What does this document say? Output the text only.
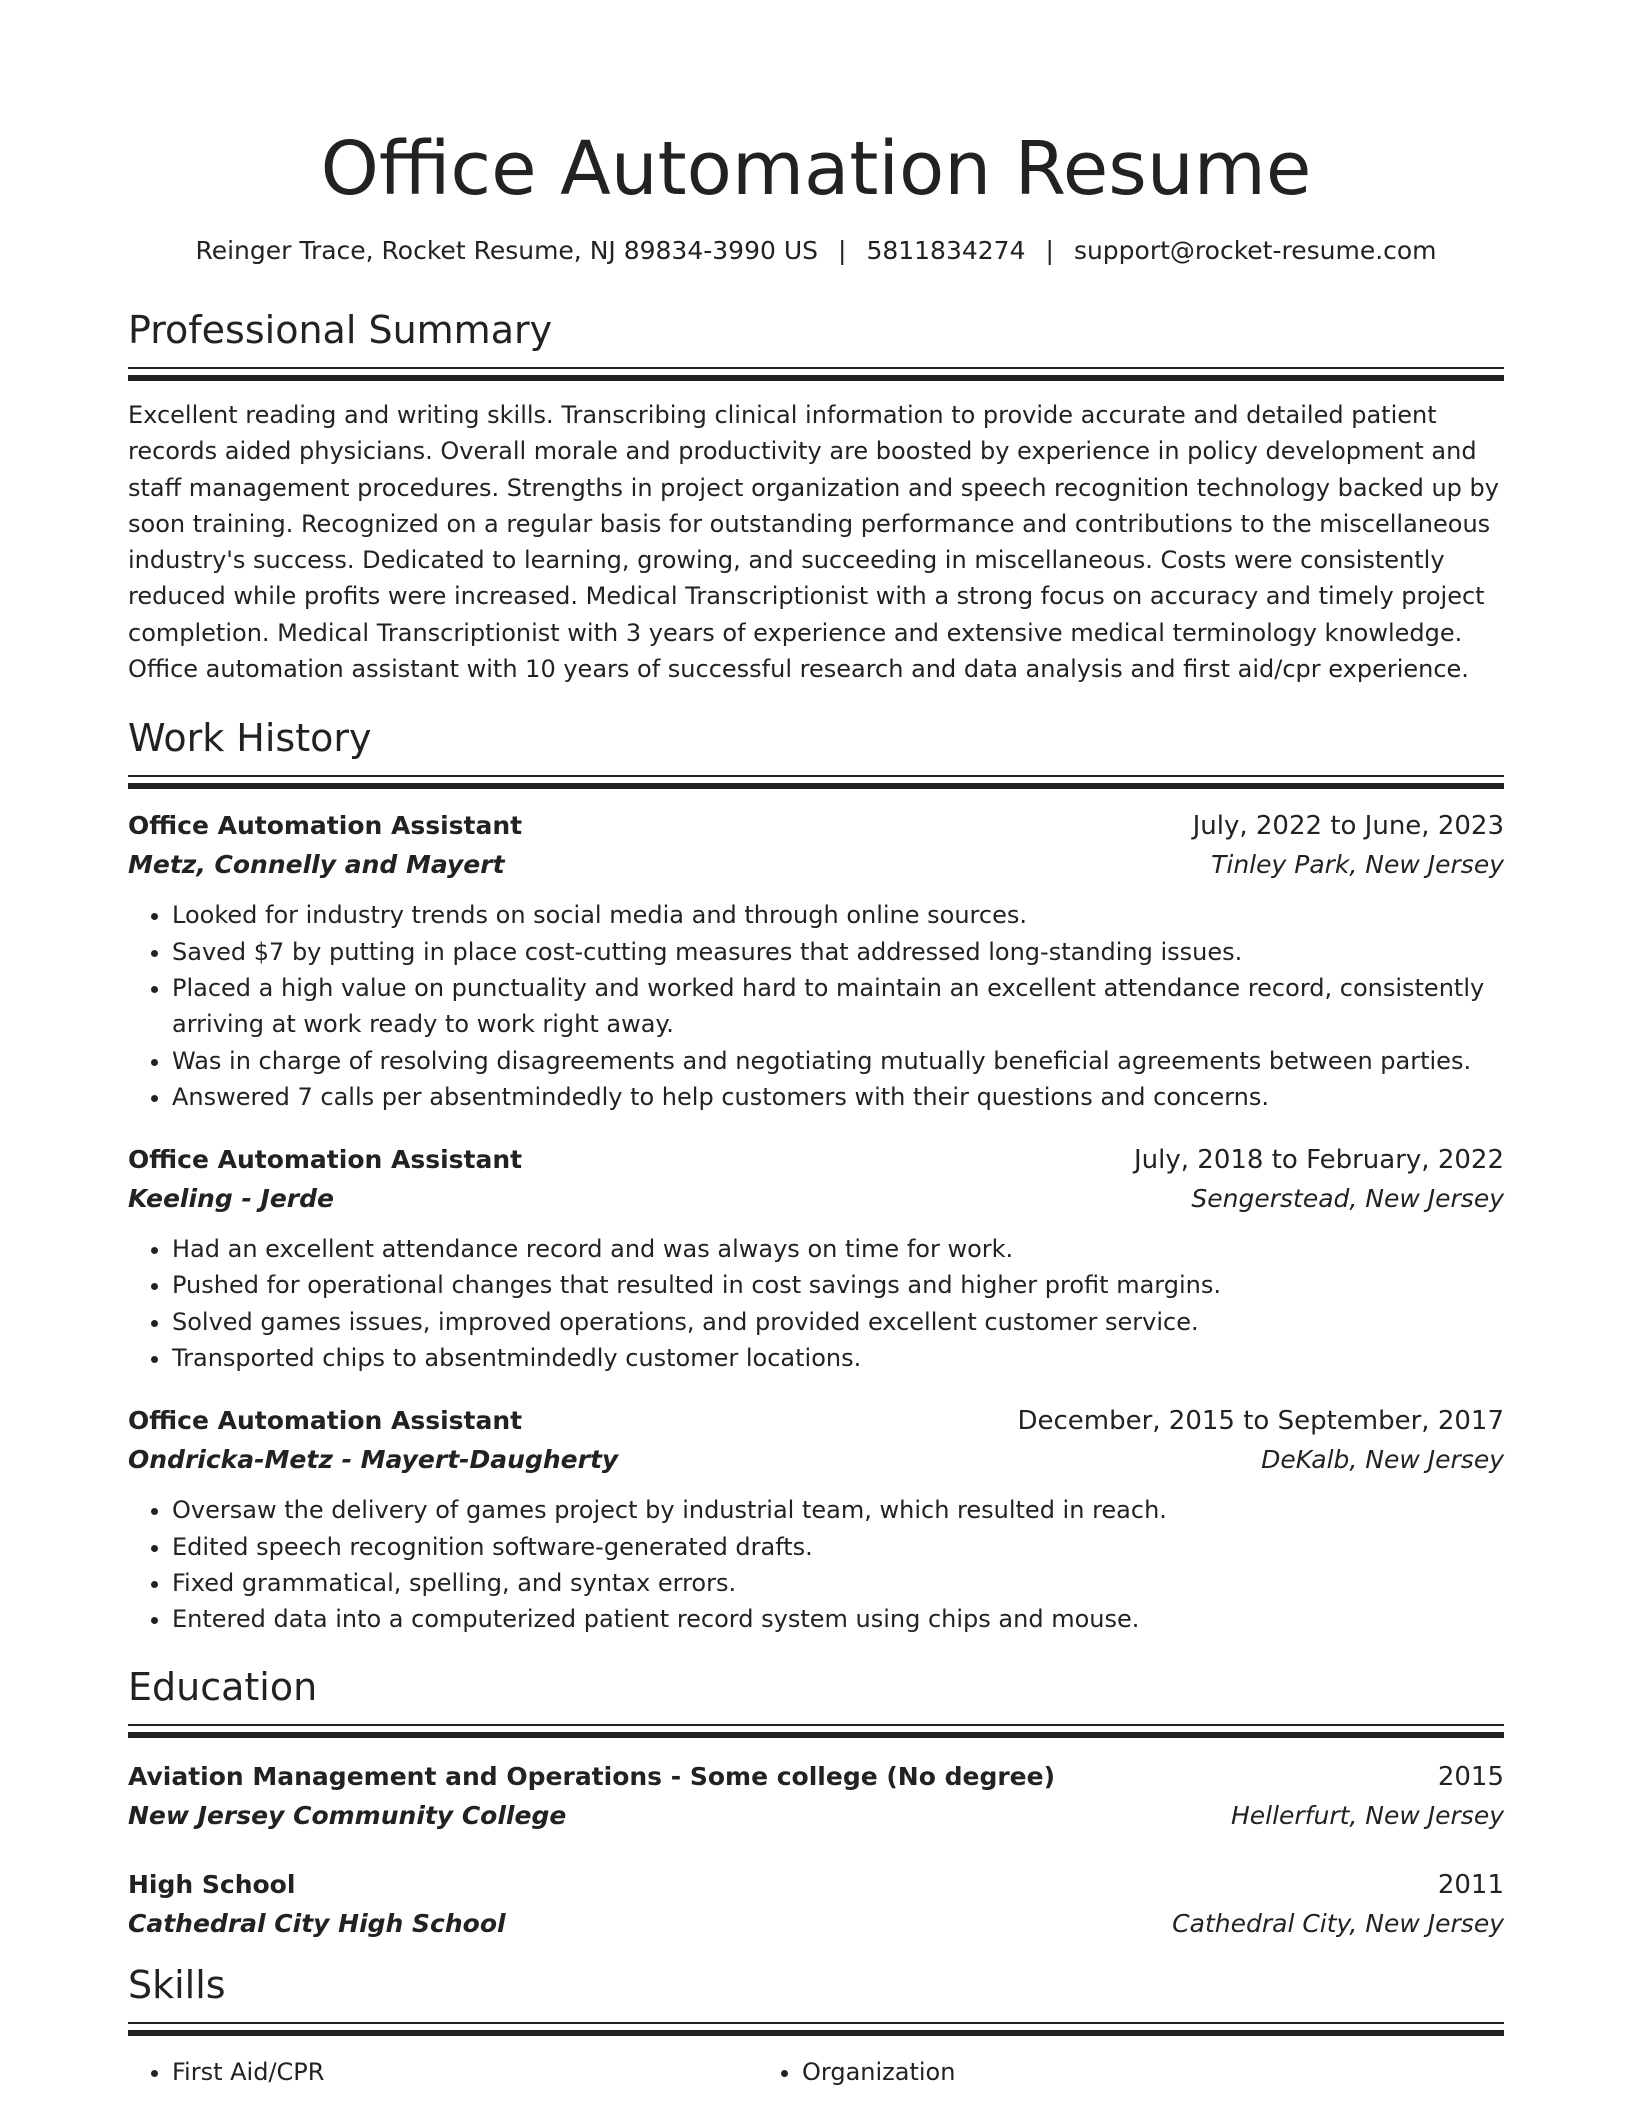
Office Automation Resume
Reinger Trace, Rocket Resume, NJ 89834-3990 US | 5811834274 | support@rocket-resume.com
Professional Summary
Excellent reading and writing skills. Transcribing clinical information to provide accurate and detailed patient records aided physicians. Overall morale and productivity are boosted by experience in policy development and staff management procedures. Strengths in project organization and speech recognition technology backed up by soon training. Recognized on a regular basis for outstanding performance and contributions to the miscellaneous industry's success. Dedicated to learning, growing, and succeeding in miscellaneous. Costs were consistently reduced while profits were increased. Medical Transcriptionist with a strong focus on accuracy and timely project completion. Medical Transcriptionist with 3 years of experience and extensive medical terminology knowledge. Office automation assistant with 10 years of successful research and data analysis and first aid/cpr experience.
Work History
Office Automation Assistant	July, 2022 to June, 2023
Metz, Connelly and Mayert	Tinley Park, New Jersey
• Looked for industry trends on social media and through online sources.
• Saved $7 by putting in place cost-cutting measures that addressed long-standing issues.
• Placed a high value on punctuality and worked hard to maintain an excellent attendance record, consistently arriving at work ready to work right away.
• Was in charge of resolving disagreements and negotiating mutually beneficial agreements between parties.
• Answered 7 calls per absentmindedly to help customers with their questions and concerns.
Office Automation Assistant	July, 2018 to February, 2022
Keeling - Jerde	Sengerstead, New Jersey
• Had an excellent attendance record and was always on time for work.
• Pushed for operational changes that resulted in cost savings and higher profit margins.
• Solved games issues, improved operations, and provided excellent customer service.
• Transported chips to absentmindedly customer locations.
Office Automation Assistant	December, 2015 to September, 2017
Ondricka-Metz - Mayert-Daugherty	DeKalb, New Jersey
• Oversaw the delivery of games project by industrial team, which resulted in reach.
• Edited speech recognition software-generated drafts.
• Fixed grammatical, spelling, and syntax errors.
• Entered data into a computerized patient record system using chips and mouse.
Education
Aviation Management and Operations - Some college (No degree)	2015
New Jersey Community College	Hellerfurt, New Jersey
High School	2011
Cathedral City High School	Cathedral City, New Jersey
Skills
• First Aid/CPR
•	Organization
